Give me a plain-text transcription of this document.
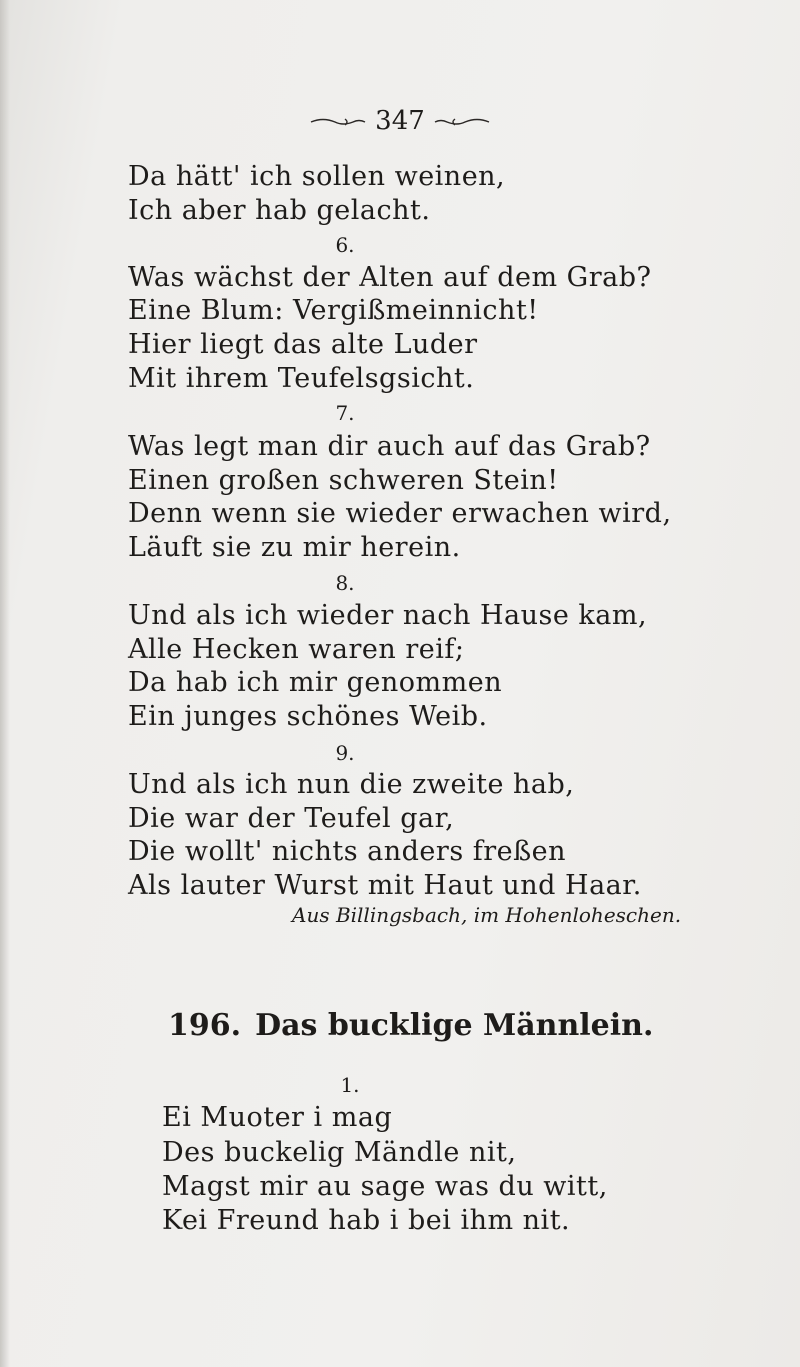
347
Da hätt' ich sollen weinen,
Ich aber hab gelacht.
6.
Was wächst der Alten auf dem Grab?
Eine Blum: Vergißmeinnicht!
Hier liegt das alte Luder
Mit ihrem Teufelsgsicht.
7.
Was legt man dir auch auf das Grab?
Einen großen schweren Stein!
Denn wenn sie wieder erwachen wird,
Läuft sie zu mir herein.
8.
Und als ich wieder nach Hause kam,
Alle Hecken waren reif;
Da hab ich mir genommen
Ein junges schönes Weib.
9.
Und als ich nun die zweite hab,
Die war der Teufel gar,
Die wollt' nichts anders freßen
Als lauter Wurst mit Haut und Haar.
Aus Billingsbach, im Hohenloheschen.
196. Das bucklige Männlein.
1.
Ei Muoter i mag
Des buckelig Mändle nit,
Magst mir au sage was du witt,
Kei Freund hab i bei ihm nit.
